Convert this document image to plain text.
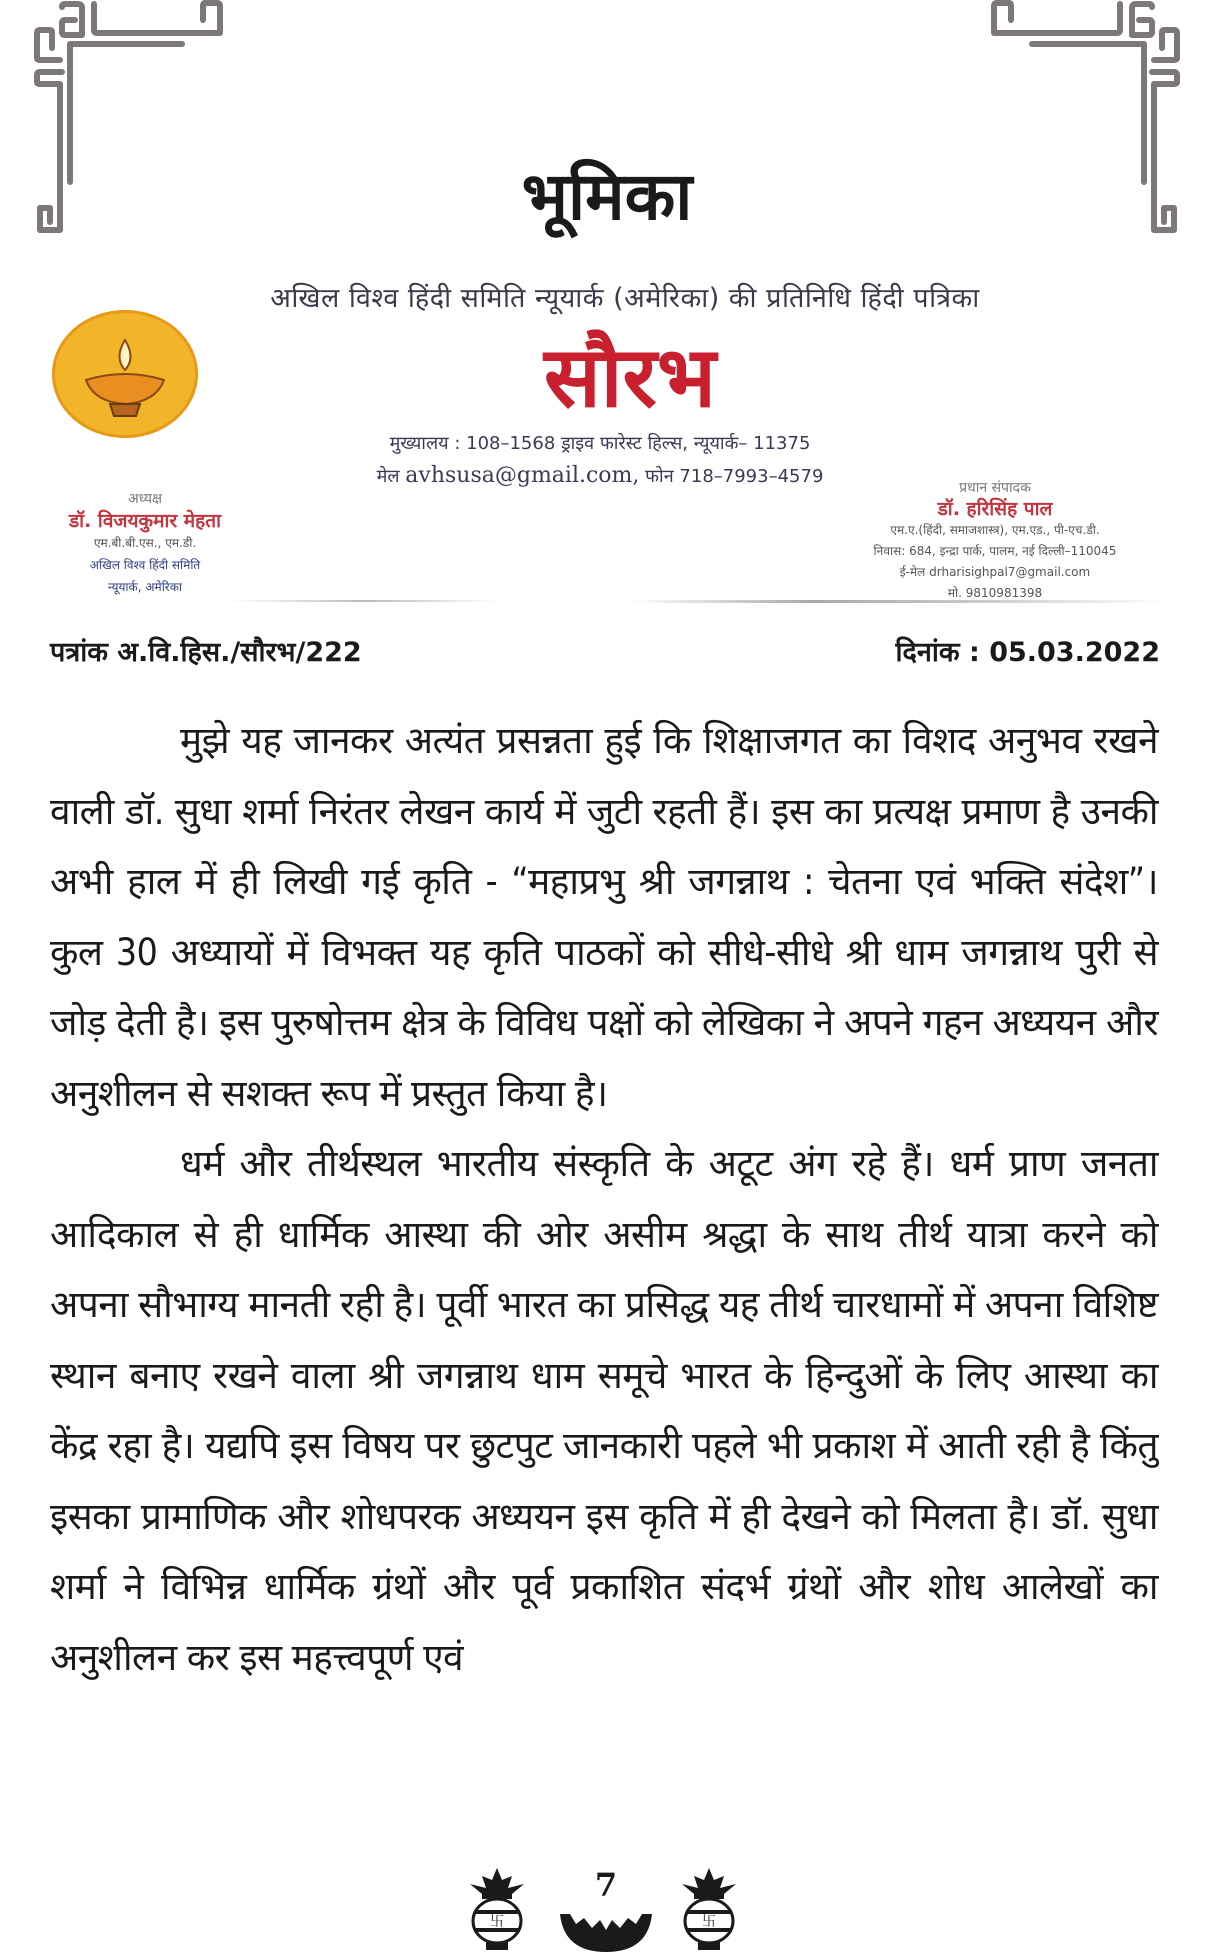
भूमिका
अखिल विश्व हिंदी समिति न्यूयार्क (अमेरिका) की प्रतिनिधि हिंदी पत्रिका
सौरभ
मुख्यालय : 108–1568 ड्राइव फारेस्ट हिल्स, न्यूयार्क– 11375
मेल avhsusa@gmail.com, फोन 718–7993–4579
अध्यक्ष
डॉ. विजयकुमार मेहता
एम.बी.बी.एस., एम.डी.
अखिल विश्व हिंदी समिति
न्यूयार्क, अमेरिका
प्रधान संपादक
डॉ. हरिसिंह पाल
एम.ए.(हिंदी, समाजशास्त्र), एम.एड., पी-एच.डी.
निवास: 684, इन्द्रा पार्क, पालम, नई दिल्ली–110045
ई-मेल drharisighpal7@gmail.com
मो. 9810981398
पत्रांक अ.वि.हिस./सौरभ/222	दिनांक : 05.03.2022

मुझे यह जानकर अत्यंत प्रसन्नता हुई कि शिक्षाजगत का विशद अनुभव रखने वाली डॉ. सुधा शर्मा निरंतर लेखन कार्य में जुटी रहती हैं। इस का प्रत्यक्ष प्रमाण है उनकी अभी हाल में ही लिखी गई कृति - “महाप्रभु श्री जगन्नाथ : चेतना एवं भक्ति संदेश”। कुल 30 अध्यायों में विभक्त यह कृति पाठकों को सीधे-सीधे श्री धाम जगन्नाथ पुरी से जोड़ देती है। इस पुरुषोत्तम क्षेत्र के विविध पक्षों को लेखिका ने अपने गहन अध्ययन और अनुशीलन से सशक्त रूप में प्रस्तुत किया है।

धर्म और तीर्थस्थल भारतीय संस्कृति के अटूट अंग रहे हैं। धर्म प्राण जनता आदिकाल से ही धार्मिक आस्था की ओर असीम श्रद्धा के साथ तीर्थ यात्रा करने को अपना सौभाग्य मानती रही है। पूर्वी भारत का प्रसिद्ध यह तीर्थ चारधामों में अपना विशिष्ट स्थान बनाए रखने वाला श्री जगन्नाथ धाम समूचे भारत के हिन्दुओं के लिए आस्था का केंद्र रहा है। यद्यपि इस विषय पर छुटपुट जानकारी पहले भी प्रकाश में आती रही है किंतु इसका प्रामाणिक और शोधपरक अध्ययन इस कृति में ही देखने को मिलता है। डॉ. सुधा शर्मा ने विभिन्न धार्मिक ग्रंथों और पूर्व प्रकाशित संदर्भ ग्रंथों और शोध आलेखों का अनुशीलन कर इस महत्त्वपूर्ण एवं

卐
7
卐
